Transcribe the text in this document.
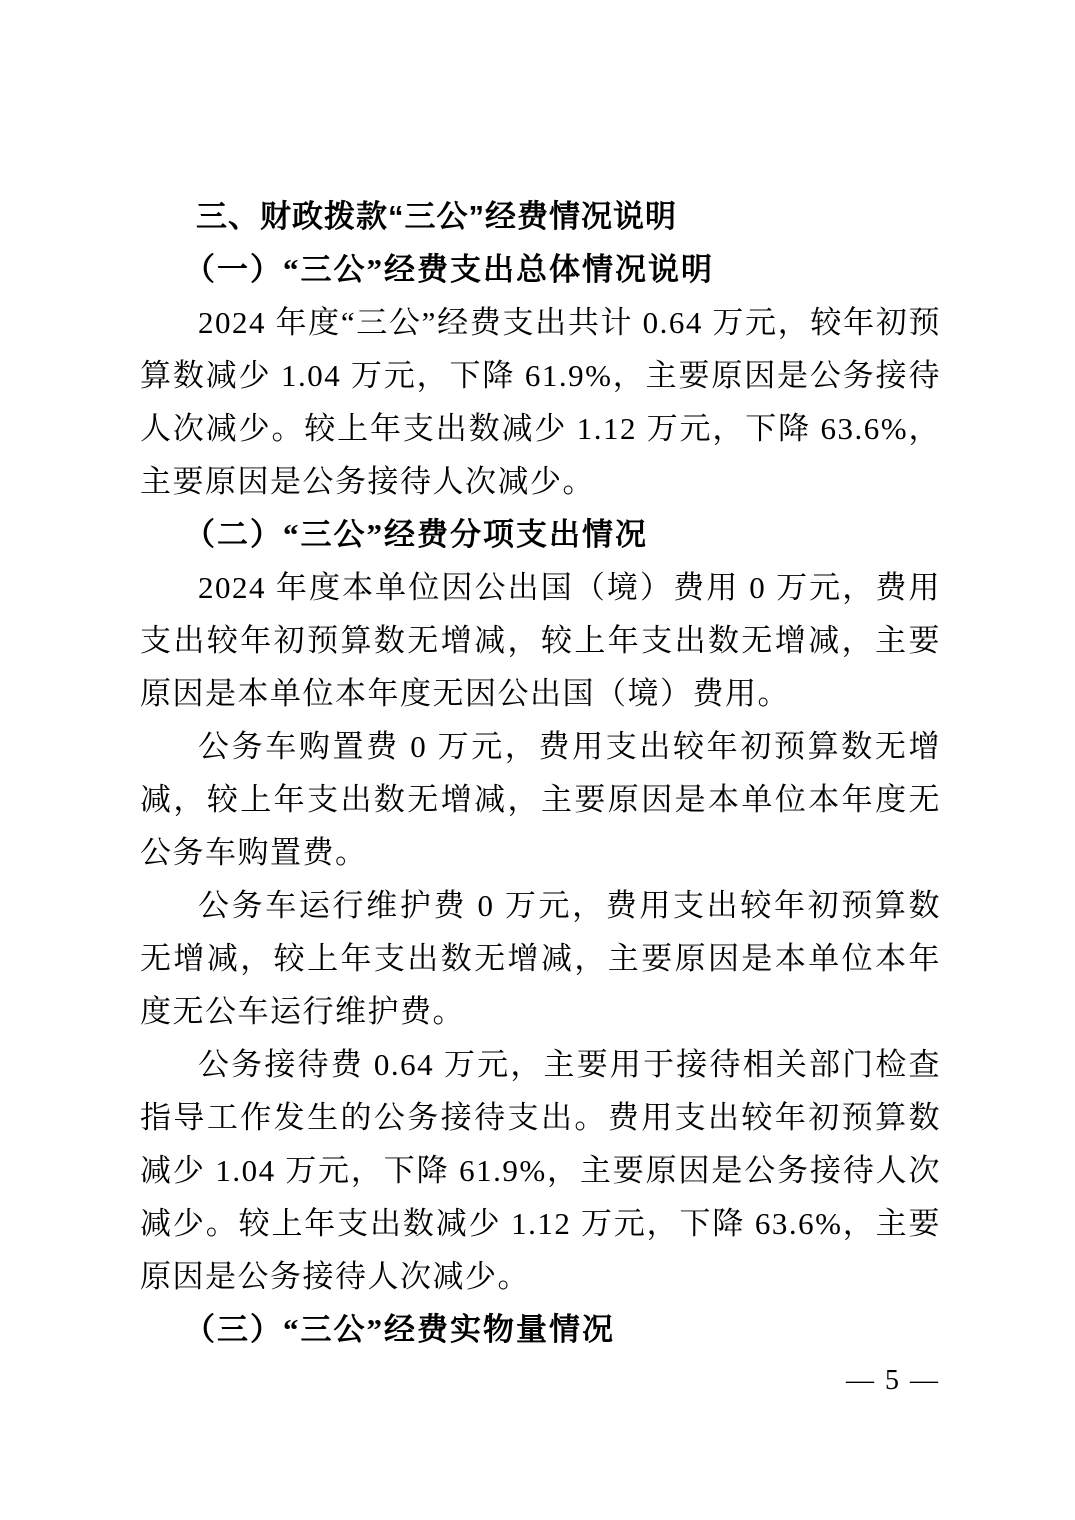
三、财政拨款“三公”经费情况说明
（一）“三公”经费支出总体情况说明

2024 年度“三公”经费支出共计 0.64 万元，较年初预算数减少 1.04 万元，下降 61.9%，主要原因是公务接待人次减少。较上年支出数减少 1.12 万元，下降 63.6%，主要原因是公务接待人次减少。

（二）“三公”经费分项支出情况

2024 年度本单位因公出国（境）费用 0 万元，费用支出较年初预算数无增减，较上年支出数无增减，主要原因是本单位本年度无因公出国（境）费用。

公务车购置费 0 万元，费用支出较年初预算数无增减，较上年支出数无增减，主要原因是本单位本年度无公务车购置费。

公务车运行维护费 0 万元，费用支出较年初预算数无增减，较上年支出数无增减，主要原因是本单位本年度无公车运行维护费。

公务接待费 0.64 万元，主要用于接待相关部门检查指导工作发生的公务接待支出。费用支出较年初预算数减少 1.04 万元，下降 61.9%，主要原因是公务接待人次减少。较上年支出数减少 1.12 万元，下降 63.6%，主要原因是公务接待人次减少。

（三）“三公”经费实物量情况
— 5 —
